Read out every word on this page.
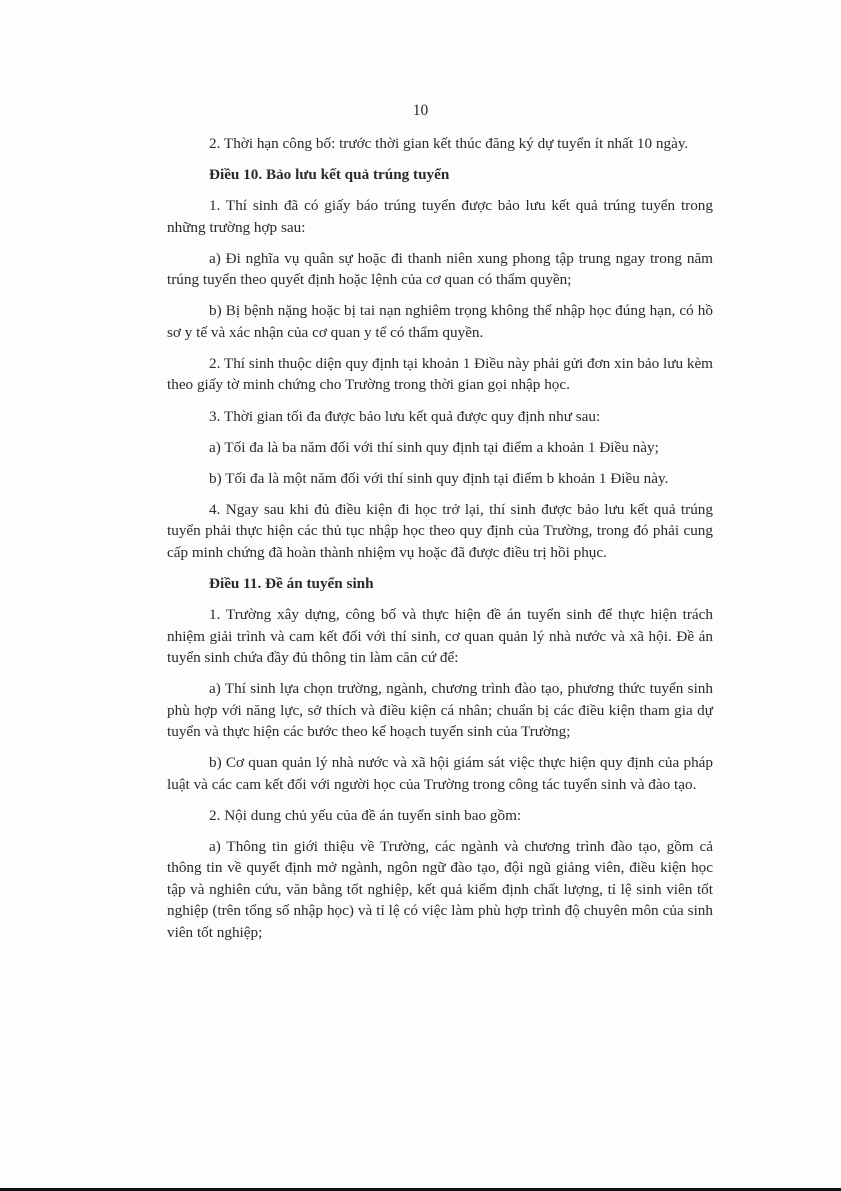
10

2. Thời hạn công bố: trước thời gian kết thúc đăng ký dự tuyển ít nhất 10 ngày.

Điều 10. Bảo lưu kết quả trúng tuyển

1. Thí sinh đã có giấy báo trúng tuyển được bảo lưu kết quả trúng tuyển trong những trường hợp sau:

a) Đi nghĩa vụ quân sự hoặc đi thanh niên xung phong tập trung ngay trong năm trúng tuyển theo quyết định hoặc lệnh của cơ quan có thẩm quyền;

b) Bị bệnh nặng hoặc bị tai nạn nghiêm trọng không thể nhập học đúng hạn, có hồ sơ y tế và xác nhận của cơ quan y tế có thẩm quyền.

2. Thí sinh thuộc diện quy định tại khoản 1 Điều này phải gửi đơn xin bảo lưu kèm theo giấy tờ minh chứng cho Trường trong thời gian gọi nhập học.

3. Thời gian tối đa được bảo lưu kết quả được quy định như sau:

a) Tối đa là ba năm đối với thí sinh quy định tại điểm a khoản 1 Điều này;

b) Tối đa là một năm đối với thí sinh quy định tại điểm b khoản 1 Điều này.

4. Ngay sau khi đủ điều kiện đi học trở lại, thí sinh được bảo lưu kết quả trúng tuyển phải thực hiện các thủ tục nhập học theo quy định của Trường, trong đó phải cung cấp minh chứng đã hoàn thành nhiệm vụ hoặc đã được điều trị hồi phục.

Điều 11. Đề án tuyển sinh

1. Trường xây dựng, công bố và thực hiện đề án tuyển sinh để thực hiện trách nhiệm giải trình và cam kết đối với thí sinh, cơ quan quản lý nhà nước và xã hội. Đề án tuyển sinh chứa đầy đủ thông tin làm căn cứ để:

a) Thí sinh lựa chọn trường, ngành, chương trình đào tạo, phương thức tuyển sinh phù hợp với năng lực, sở thích và điều kiện cá nhân; chuẩn bị các điều kiện tham gia dự tuyển và thực hiện các bước theo kế hoạch tuyển sinh của Trường;

b) Cơ quan quản lý nhà nước và xã hội giám sát việc thực hiện quy định của pháp luật và các cam kết đối với người học của Trường trong công tác tuyển sinh và đào tạo.

2. Nội dung chủ yếu của đề án tuyển sinh bao gồm:

a) Thông tin giới thiệu về Trường, các ngành và chương trình đào tạo, gồm cả thông tin về quyết định mở ngành, ngôn ngữ đào tạo, đội ngũ giảng viên, điều kiện học tập và nghiên cứu, văn bằng tốt nghiệp, kết quả kiểm định chất lượng, tỉ lệ sinh viên tốt nghiệp (trên tổng số nhập học) và tỉ lệ có việc làm phù hợp trình độ chuyên môn của sinh viên tốt nghiệp;
